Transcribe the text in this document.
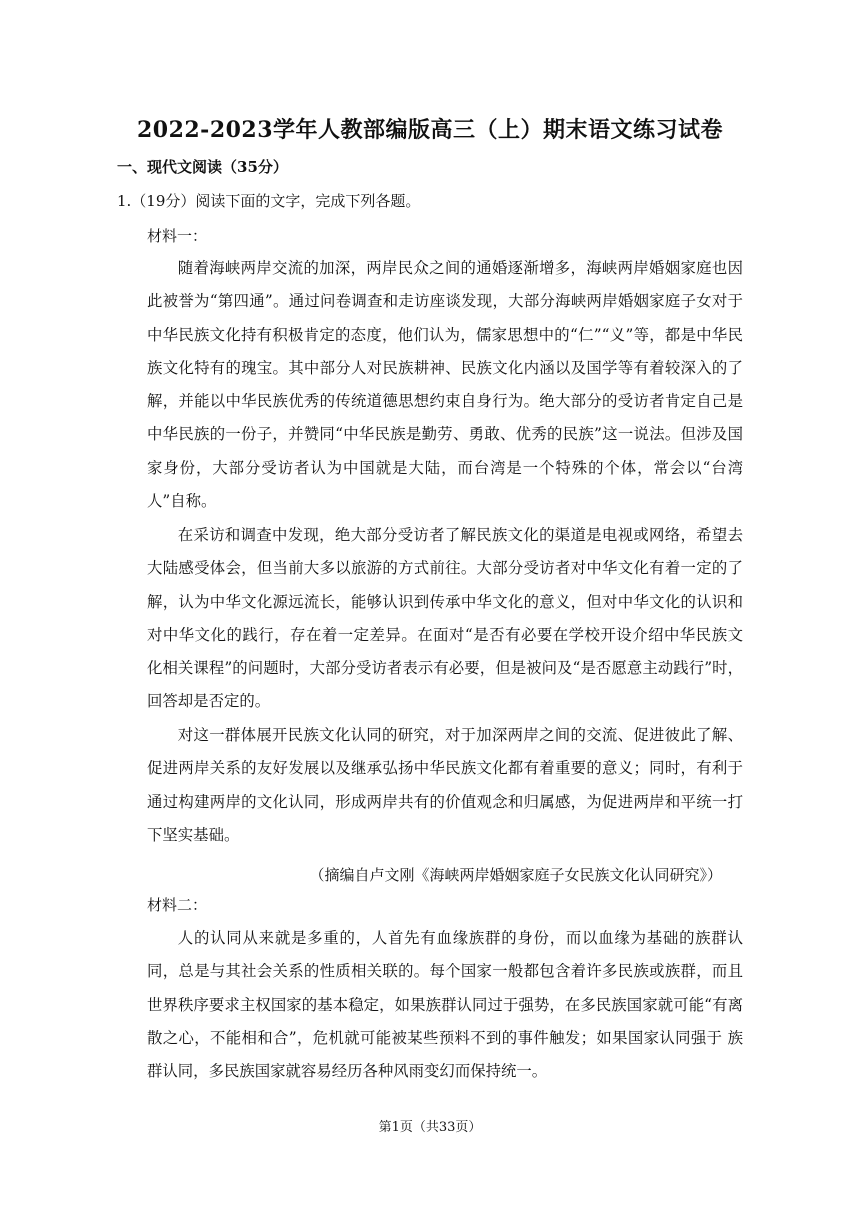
2022-2023学年人教部编版高三（上）期末语文练习试卷
一、现代文阅读（35分）
1.（19分）阅读下面的文字，完成下列各题。
材料一：

随着海峡两岸交流的加深，两岸民众之间的通婚逐渐增多，海峡两岸婚姻家庭也因 此被誉为“第四通”。通过问卷调查和走访座谈发现，大部分海峡两岸婚姻家庭子女对于中华民族文化持有积极肯定的态度，他们认为，儒家思想中的“仁”“义”等，都是中华民族文化特有的瑰宝。其中部分人对民族耕神、民族文化内涵以及国学等有着较深入的了解，并能以中华民族优秀的传统道德思想约束自身行为。绝大部分的受访者肯定自己是中华民族的一份子，并赞同“中华民族是勤劳、勇敢、优秀的民族”这一说法。但涉及国家身份，大部分受访者认为中国就是大陆，而台湾是一个特殊的个体，常会以“台湾人”自称。

在采访和调查中发现，绝大部分受访者了解民族文化的渠道是电视或网络，希望去大陆感受体会，但当前大多以旅游的方式前往。大部分受访者对中华文化有着一定的了解，认为中华文化源远流长，能够认识到传承中华文化的意义，但对中华文化的认识和对中华文化的践行，存在着一定差异。在面对“是否有必要在学校开设介绍中华民族文 化相关课程”的问题时，大部分受访者表示有必要，但是被问及“是否愿意主动践行”时，回答却是否定的。

对这一群体展开民族文化认同的研究，对于加深两岸之间的交流、促进彼此了解、促进两岸关系的友好发展以及继承弘扬中华民族文化都有着重要的意义；同时，有利于通过构建两岸的文化认同，形成两岸共有的价值观念和归属感，为促进两岸和平统一打下坚实基础。

（摘编自卢文刚《海峡两岸婚姻家庭子女民族文化认同研究》）
材料二：

人的认同从来就是多重的，人首先有血缘族群的身份，而以血缘为基础的族群认同，总是与其社会关系的性质相关联的。每个国家一般都包含着许多民族或族群，而且 世界秩序要求主权国家的基本稳定，如果族群认同过于强势，在多民族国家就可能“有离散之心，不能相和合”，危机就可能被某些预料不到的事件触发；如果国家认同强于 族群认同，多民族国家就容易经历各种风雨变幻而保持统一。

第1页（共33页）
